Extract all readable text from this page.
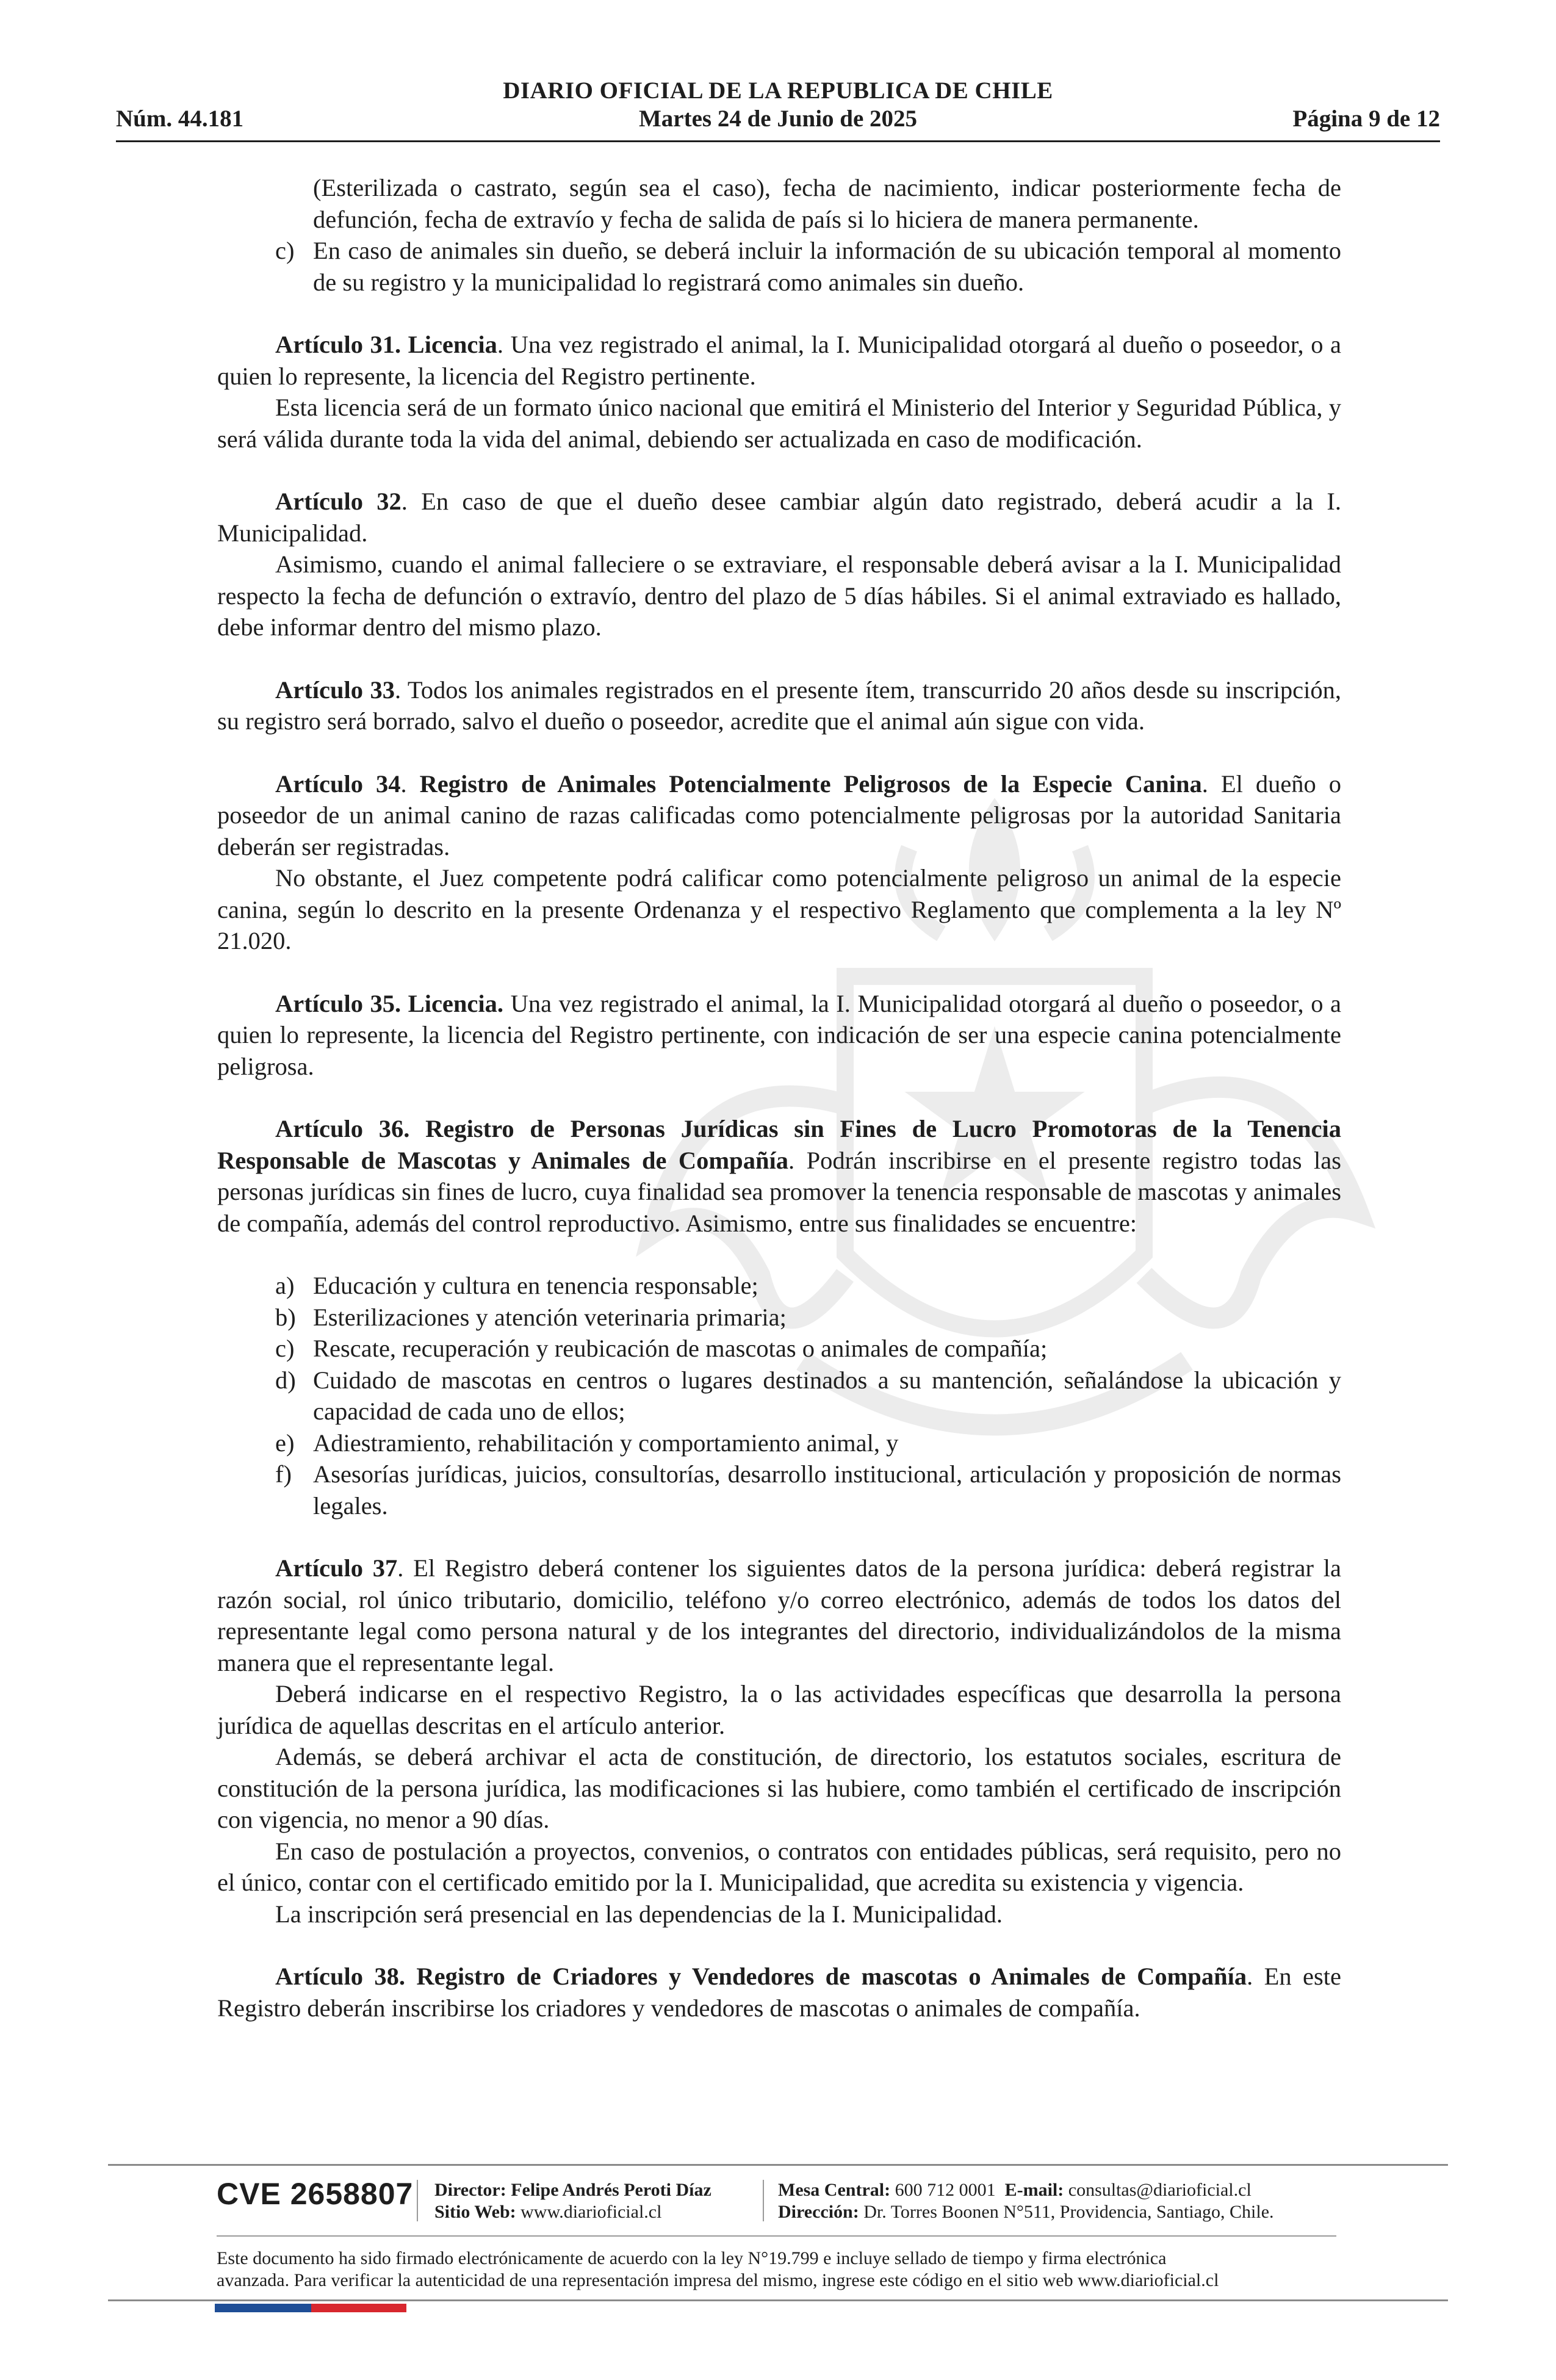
DIARIO OFICIAL DE LA REPUBLICA DE CHILE
Martes 24 de Junio de 2025
Núm. 44.181	Página 9 de 12

(Esterilizada o castrato, según sea el caso), fecha de nacimiento, indicar posteriormente fecha de defunción, fecha de extravío y fecha de salida de país si lo hiciera de manera permanente.

c) En caso de animales sin dueño, se deberá incluir la información de su ubicación temporal al momento de su registro y la municipalidad lo registrará como animales sin dueño.

Artículo 31. Licencia. Una vez registrado el animal, la I. Municipalidad otorgará al dueño o poseedor, o a quien lo represente, la licencia del Registro pertinente.

Esta licencia será de un formato único nacional que emitirá el Ministerio del Interior y Seguridad Pública, y será válida durante toda la vida del animal, debiendo ser actualizada en caso de modificación.

Artículo 32. En caso de que el dueño desee cambiar algún dato registrado, deberá acudir a la I. Municipalidad.

Asimismo, cuando el animal falleciere o se extraviare, el responsable deberá avisar a la I. Municipalidad respecto la fecha de defunción o extravío, dentro del plazo de 5 días hábiles. Si el animal extraviado es hallado, debe informar dentro del mismo plazo.

Artículo 33. Todos los animales registrados en el presente ítem, transcurrido 20 años desde su inscripción, su registro será borrado, salvo el dueño o poseedor, acredite que el animal aún sigue con vida.

Artículo 34. Registro de Animales Potencialmente Peligrosos de la Especie Canina. El dueño o poseedor de un animal canino de razas calificadas como potencialmente peligrosas por la autoridad Sanitaria deberán ser registradas.

No obstante, el Juez competente podrá calificar como potencialmente peligroso un animal de la especie canina, según lo descrito en la presente Ordenanza y el respectivo Reglamento que complementa a la ley Nº 21.020.

Artículo 35. Licencia. Una vez registrado el animal, la I. Municipalidad otorgará al dueño o poseedor, o a quien lo represente, la licencia del Registro pertinente, con indicación de ser una especie canina potencialmente peligrosa.

Artículo 36. Registro de Personas Jurídicas sin Fines de Lucro Promotoras de la Tenencia Responsable de Mascotas y Animales de Compañía. Podrán inscribirse en el presente registro todas las personas jurídicas sin fines de lucro, cuya finalidad sea promover la tenencia responsable de mascotas y animales de compañía, además del control reproductivo. Asimismo, entre sus finalidades se encuentre:

a) Educación y cultura en tenencia responsable;

b) Esterilizaciones y atención veterinaria primaria;

c) Rescate, recuperación y reubicación de mascotas o animales de compañía;

d) Cuidado de mascotas en centros o lugares destinados a su mantención, señalándose la ubicación y capacidad de cada uno de ellos;

e) Adiestramiento, rehabilitación y comportamiento animal, y

f) Asesorías jurídicas, juicios, consultorías, desarrollo institucional, articulación y proposición de normas legales.

Artículo 37. El Registro deberá contener los siguientes datos de la persona jurídica: deberá registrar la razón social, rol único tributario, domicilio, teléfono y/o correo electrónico, además de todos los datos del representante legal como persona natural y de los integrantes del directorio, individualizándolos de la misma manera que el representante legal.

Deberá indicarse en el respectivo Registro, la o las actividades específicas que desarrolla la persona jurídica de aquellas descritas en el artículo anterior.

Además, se deberá archivar el acta de constitución, de directorio, los estatutos sociales, escritura de constitución de la persona jurídica, las modificaciones si las hubiere, como también el certificado de inscripción con vigencia, no menor a 90 días.

En caso de postulación a proyectos, convenios, o contratos con entidades públicas, será requisito, pero no el único, contar con el certificado emitido por la I. Municipalidad, que acredita su existencia y vigencia.

La inscripción será presencial en las dependencias de la I. Municipalidad.

Artículo 38. Registro de Criadores y Vendedores de mascotas o Animales de Compañía. En este Registro deberán inscribirse los criadores y vendedores de mascotas o animales de compañía.

CVE 2658807 Director: Felipe Andrés Peroti Díaz
Sitio Web: www.diarioficial.cl
Mesa Central: 600 712 0001 E-mail: consultas@diarioficial.cl
Dirección: Dr. Torres Boonen N°511, Providencia, Santiago, Chile.

Este documento ha sido firmado electrónicamente de acuerdo con la ley N°19.799 e incluye sellado de tiempo y firma electrónica

avanzada. Para verificar la autenticidad de una representación impresa del mismo, ingrese este código en el sitio web www.diarioficial.cl
